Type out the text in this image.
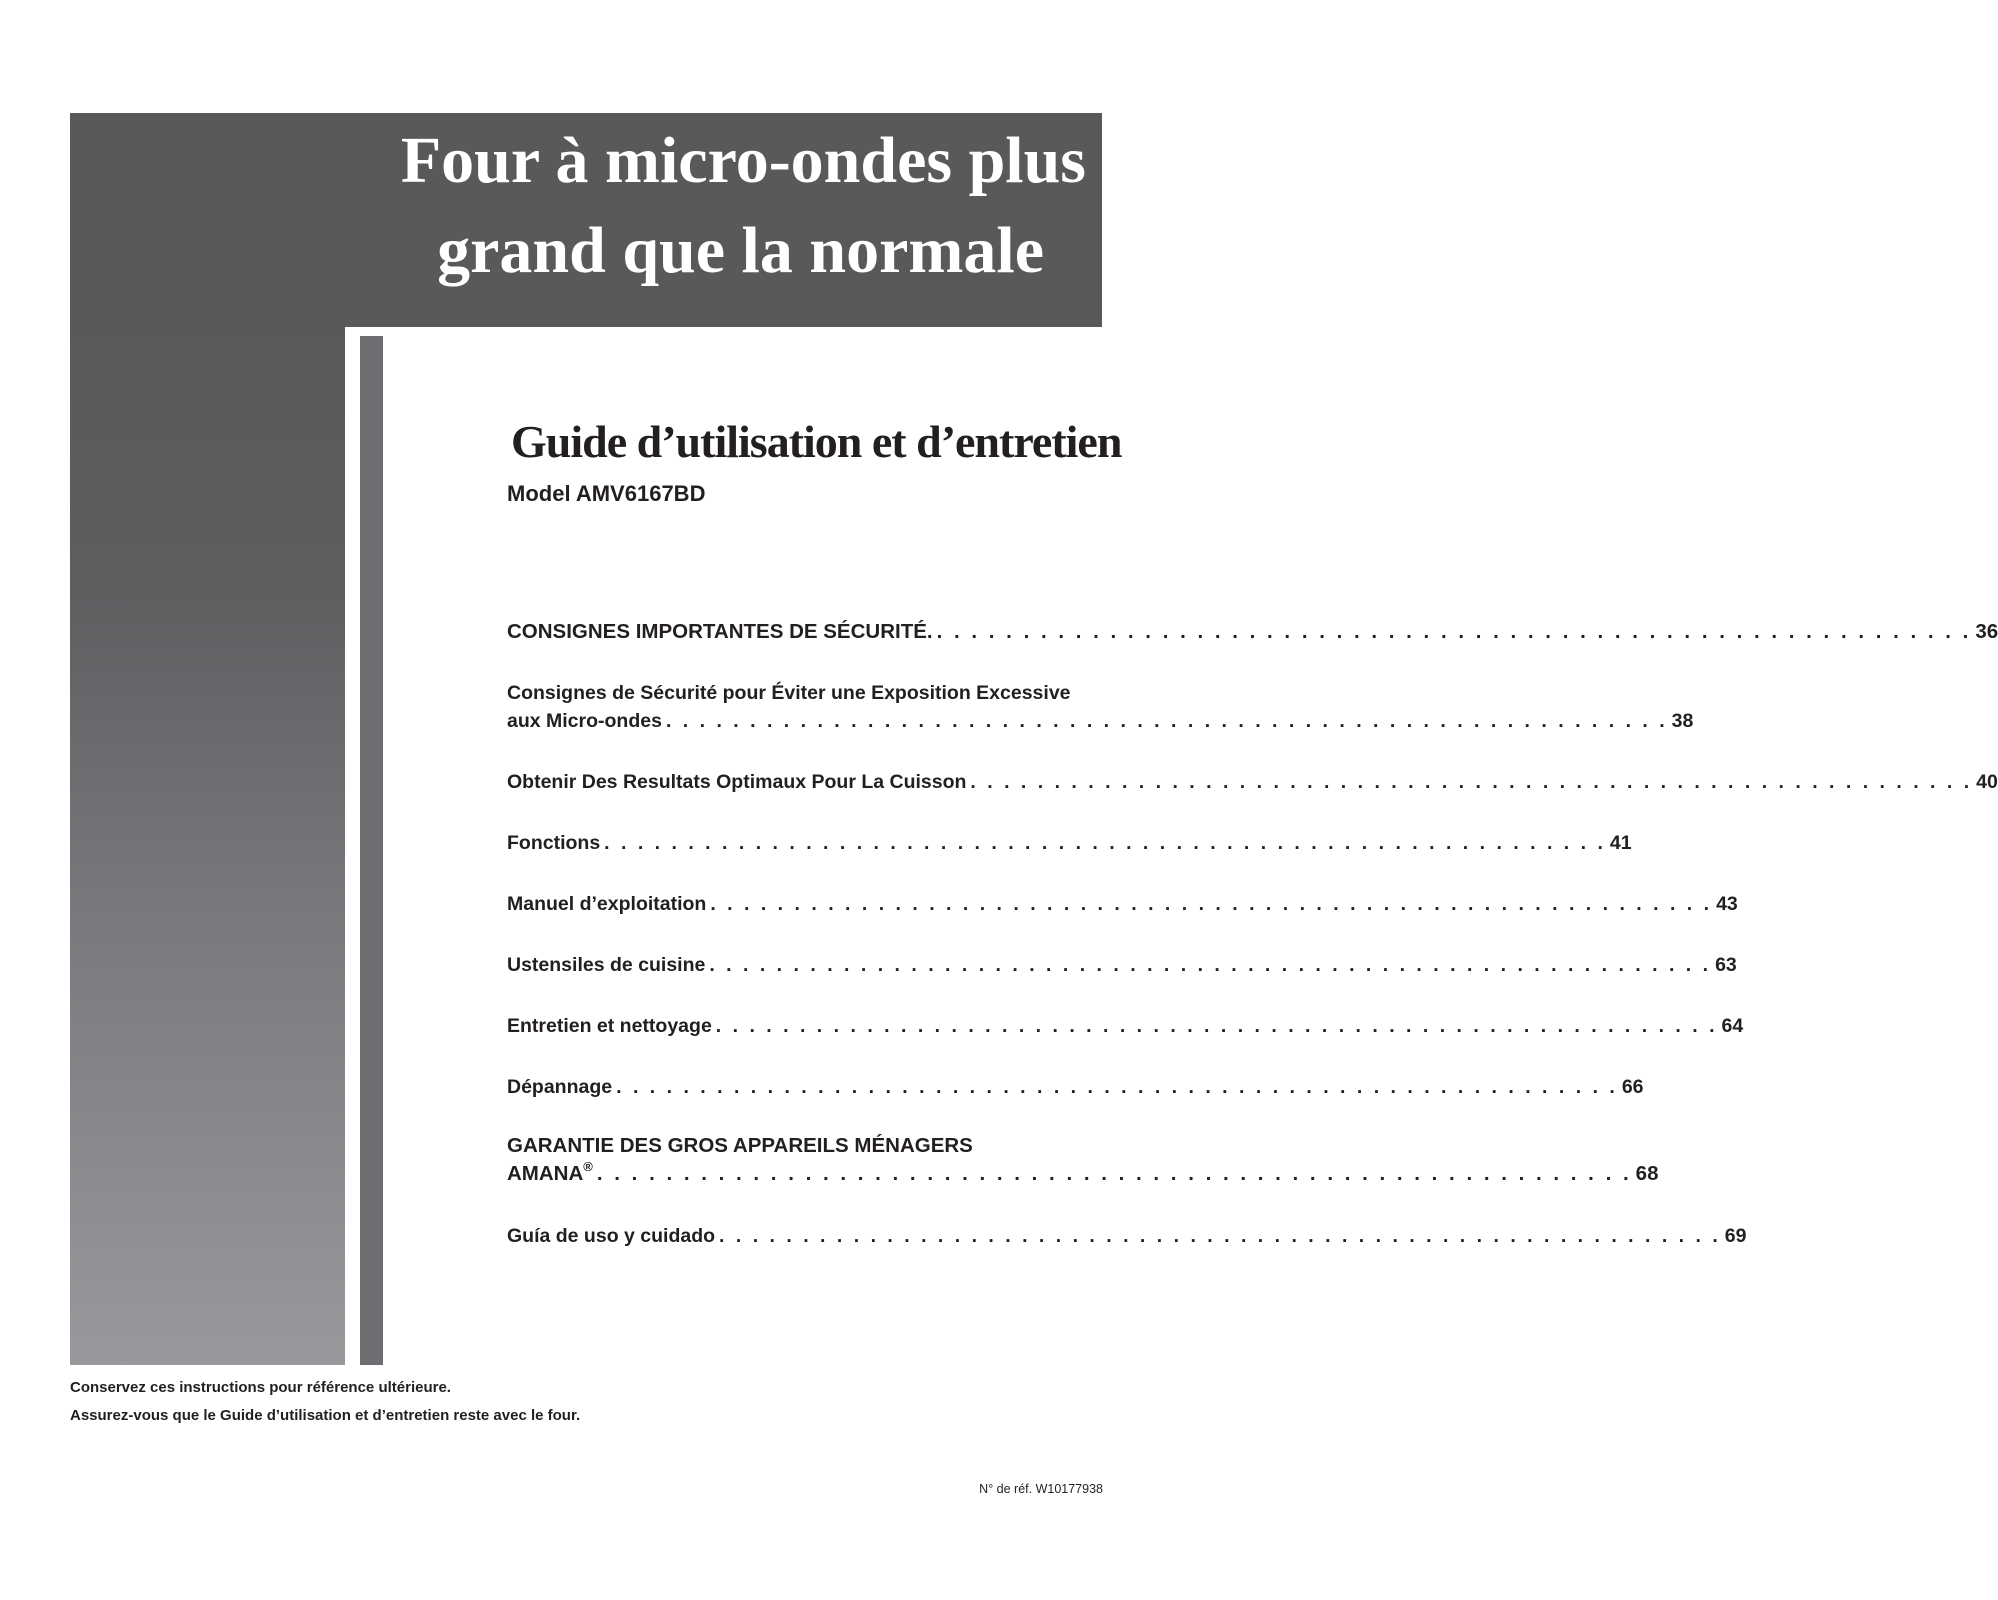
Four à micro-ondes plus
grand que la normale
Guide d’utilisation et d’entretien
Model AMV6167BD
CONSIGNES IMPORTANTES DE SÉCURITÉ. . . . . . . . . . . . . . . . . . . . . . . . . . . . . . . . . . . . . . . . . . . . . . . . . . . . . . . . . . . . . 36
Consignes de Sécurité pour Éviter une Exposition Excessive
aux Micro-ondes . . . . . . . . . . . . . . . . . . . . . . . . . . . . . . . . . . . . . . . . . . . . . . . . . . . . . . . . . . . . 38
Obtenir Des Resultats Optimaux Pour La Cuisson . . . . . . . . . . . . . . . . . . . . . . . . . . . . . . . . . . . . . . . . . . . . . . . . . . . . . . . . . . . . 40
Fonctions . . . . . . . . . . . . . . . . . . . . . . . . . . . . . . . . . . . . . . . . . . . . . . . . . . . . . . . . . . . . 41
Manuel d’exploitation . . . . . . . . . . . . . . . . . . . . . . . . . . . . . . . . . . . . . . . . . . . . . . . . . . . . . . . . . . . . 43
Ustensiles de cuisine . . . . . . . . . . . . . . . . . . . . . . . . . . . . . . . . . . . . . . . . . . . . . . . . . . . . . . . . . . . . 63
Entretien et nettoyage . . . . . . . . . . . . . . . . . . . . . . . . . . . . . . . . . . . . . . . . . . . . . . . . . . . . . . . . . . . . 64
Dépannage . . . . . . . . . . . . . . . . . . . . . . . . . . . . . . . . . . . . . . . . . . . . . . . . . . . . . . . . . . . . 66
GARANTIE DES GROS APPAREILS MÉNAGERS
AMANA® . . . . . . . . . . . . . . . . . . . . . . . . . . . . . . . . . . . . . . . . . . . . . . . . . . . . . . . . . . . . 68
Guía de uso y cuidado . . . . . . . . . . . . . . . . . . . . . . . . . . . . . . . . . . . . . . . . . . . . . . . . . . . . . . . . . . . . 69
Conservez ces instructions pour référence ultérieure.
Assurez-vous que le Guide d’utilisation et d’entretien reste avec le four.
N° de réf. W10177938
